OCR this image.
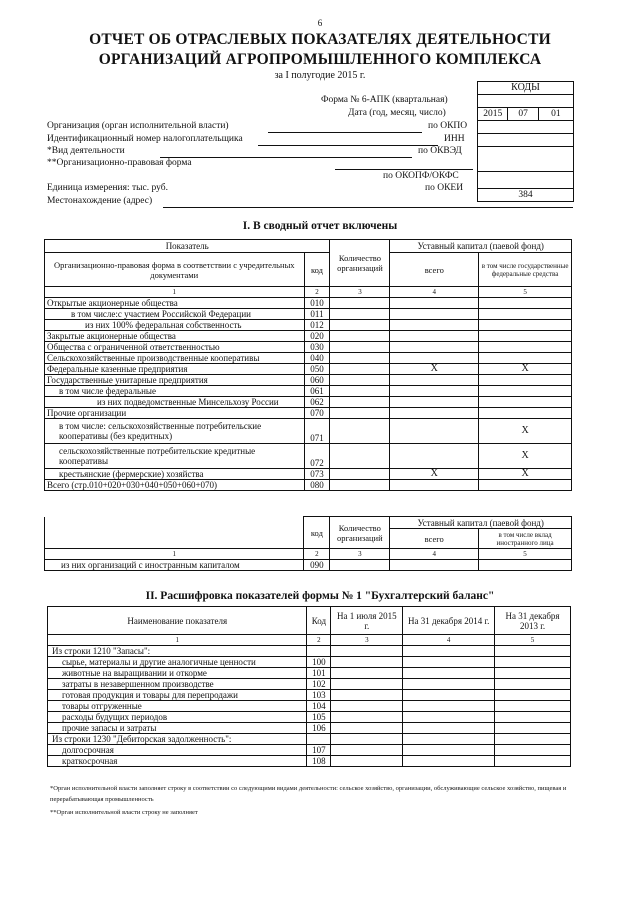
6
ОТЧЕТ ОБ ОТРАСЛЕВЫХ ПОКАЗАТЕЛЯХ ДЕЯТЕЛЬНОСТИ
ОРГАНИЗАЦИЙ АГРОПРОМЫШЛЕННОГО КОМПЛЕКСА
за I полугодие 2015 г.
КОДЫ
2015	07	01
384
Форма № 6-АПК (квартальная)
Дата (год, месяц, число)
Организация (орган исполнительной власти)	по ОКПО
Идентификационный номер налогоплательщика	ИНН
*Вид деятельности	по ОКВЭД
**Организационно-правовая форма
по ОКОПФ/ОКФС
Единица измерения: тыс. руб.	по ОКЕИ
Местонахождение (адрес)
I. В сводный отчет включены
Показатель		Количество организаций	Уставный капитал (паевой фонд)	
Организационно-правовая форма в соответствии с учредительных документами	код		всего	в том числе государственные федеральные средства
1	2	3	4	5
Открытые акционерные общества	010			
в том числе:с участием Российской Федерации	011			
из них 100% федеральная собственность	012			
Закрытые акционерные общества	020			
Общества с ограниченной ответственностью	030			
Сельскохозяйственные производственные кооперативы	040			
Федеральные казенные предприятия	050		X	X
Государственные унитарные предприятия	060			
в том числе федеральные	061			
из них подведомственные Минсельхозу России	062			
Прочие организации	070			
в том числе: сельскохозяйственные потребительские кооперативы (без кредитных)	071			X
сельскохозяйственные потребительские кредитные кооперативы	072			X
крестьянские (фермерские) хозяйства	073		X	X
Всего (стр.010+020+030+040+050+060+070)	080			
	код	Количество организаций	Уставный капитал (паевой фонд)	
			всего	в том числе вклад иностранного лица
1	2	3	4	5
из них организаций с иностранным капиталом	090			
II. Расшифровка показателей формы № 1 "Бухгалтерский баланс"
Наименование показателя	Код	На 1 июля 2015 г.	На 31 декабря 2014 г.	На 31 декабря 2013 г.
1	2	3	4	5
Из строки 1210 "Запасы":				
сырье, материалы и другие аналогичные ценности	100			
животные на выращивании и откорме	101			
затраты в незавершенном производстве	102			
готовая продукция и товары для перепродажи	103			
товары отгруженные	104			
расходы будущих периодов	105			
прочие запасы и затраты	106			
Из строки 1230 "Дебиторская задолженность":				
долгосрочная	107			
краткосрочная	108			
*Орган исполнительной власти заполняет строку в соответствии со следующими видами деятельности: сельское хозяйство, организации, обслуживающие сельское хозяйство, пищевая и перерабатывающая промышленность
**Орган исполнительной власти строку не заполняет
